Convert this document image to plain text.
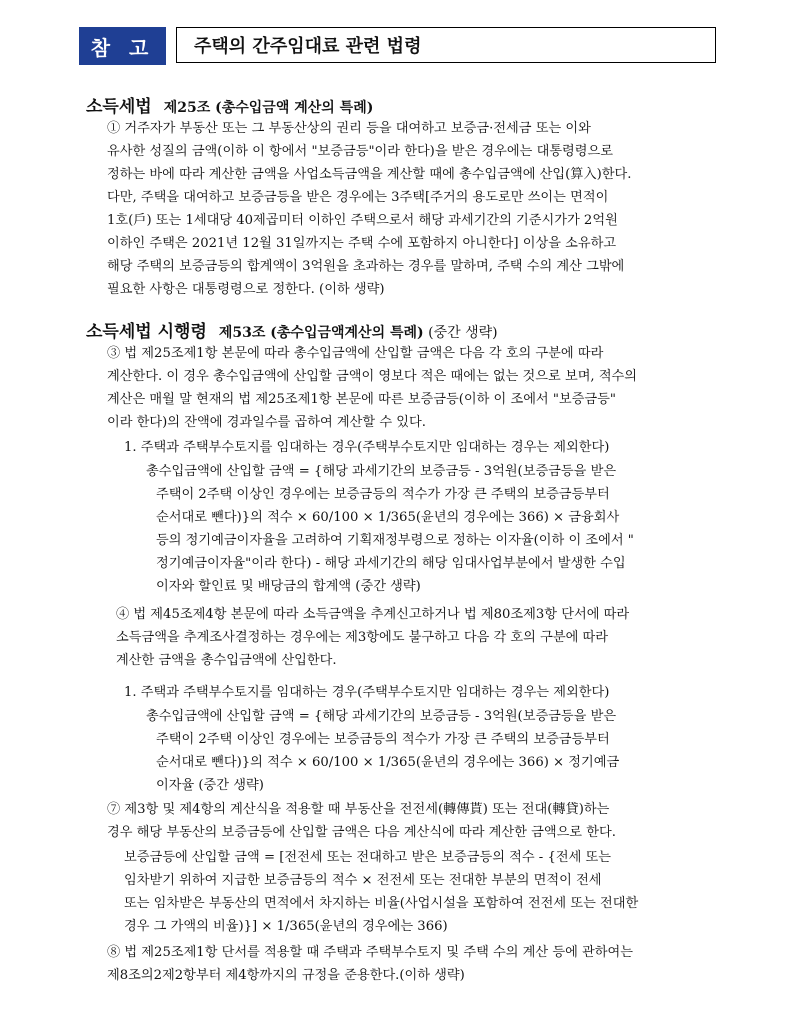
참 고	주택의 간주임대료 관련 법령
소득세법 제25조 (총수입금액 계산의 특례)
① 거주자가 부동산 또는 그 부동산상의 권리 등을 대여하고 보증금·전세금 또는 이와
유사한 성질의 금액(이하 이 항에서 "보증금등"이라 한다)을 받은 경우에는 대통령령으로
정하는 바에 따라 계산한 금액을 사업소득금액을 계산할 때에 총수입금액에 산입(算入)한다.
다만, 주택을 대여하고 보증금등을 받은 경우에는 3주택[주거의 용도로만 쓰이는 면적이
1호(戶) 또는 1세대당 40제곱미터 이하인 주택으로서 해당 과세기간의 기준시가가 2억원
이하인 주택은 2021년 12월 31일까지는 주택 수에 포함하지 아니한다] 이상을 소유하고
해당 주택의 보증금등의 합계액이 3억원을 초과하는 경우를 말하며, 주택 수의 계산 그밖에
필요한 사항은 대통령령으로 정한다. (이하 생략)
소득세법 시행령 제53조 (총수입금액계산의 특례) (중간 생략)
③ 법 제25조제1항 본문에 따라 총수입금액에 산입할 금액은 다음 각 호의 구분에 따라
계산한다. 이 경우 총수입금액에 산입할 금액이 영보다 적은 때에는 없는 것으로 보며, 적수의
계산은 매월 말 현재의 법 제25조제1항 본문에 따른 보증금등(이하 이 조에서 "보증금등"
이라 한다)의 잔액에 경과일수를 곱하여 계산할 수 있다.
1. 주택과 주택부수토지를 임대하는 경우(주택부수토지만 임대하는 경우는 제외한다)
총수입금액에 산입할 금액 = {해당 과세기간의 보증금등 - 3억원(보증금등을 받은
주택이 2주택 이상인 경우에는 보증금등의 적수가 가장 큰 주택의 보증금등부터
순서대로 뺀다)}의 적수 × 60/100 × 1/365(윤년의 경우에는 366) × 금융회사
등의 정기예금이자율을 고려하여 기획재정부령으로 정하는 이자율(이하 이 조에서 "
정기예금이자율"이라 한다) - 해당 과세기간의 해당 임대사업부분에서 발생한 수입
이자와 할인료 및 배당금의 합계액 (중간 생략)
④ 법 제45조제4항 본문에 따라 소득금액을 추계신고하거나 법 제80조제3항 단서에 따라
소득금액을 추계조사결정하는 경우에는 제3항에도 불구하고 다음 각 호의 구분에 따라
계산한 금액을 총수입금액에 산입한다.
1. 주택과 주택부수토지를 임대하는 경우(주택부수토지만 임대하는 경우는 제외한다)
총수입금액에 산입할 금액 = {해당 과세기간의 보증금등 - 3억원(보증금등을 받은
주택이 2주택 이상인 경우에는 보증금등의 적수가 가장 큰 주택의 보증금등부터
순서대로 뺀다)}의 적수 × 60/100 × 1/365(윤년의 경우에는 366) × 정기예금
이자율 (중간 생략)
⑦ 제3항 및 제4항의 계산식을 적용할 때 부동산을 전전세(轉傳貰) 또는 전대(轉貸)하는
경우 해당 부동산의 보증금등에 산입할 금액은 다음 계산식에 따라 계산한 금액으로 한다.
보증금등에 산입할 금액 = [전전세 또는 전대하고 받은 보증금등의 적수 - {전세 또는
임차받기 위하여 지급한 보증금등의 적수 × 전전세 또는 전대한 부분의 면적이 전세
또는 임차받은 부동산의 면적에서 차지하는 비율(사업시설을 포함하여 전전세 또는 전대한
경우 그 가액의 비율)}] × 1/365(윤년의 경우에는 366)
⑧ 법 제25조제1항 단서를 적용할 때 주택과 주택부수토지 및 주택 수의 계산 등에 관하여는
제8조의2제2항부터 제4항까지의 규정을 준용한다.(이하 생략)
